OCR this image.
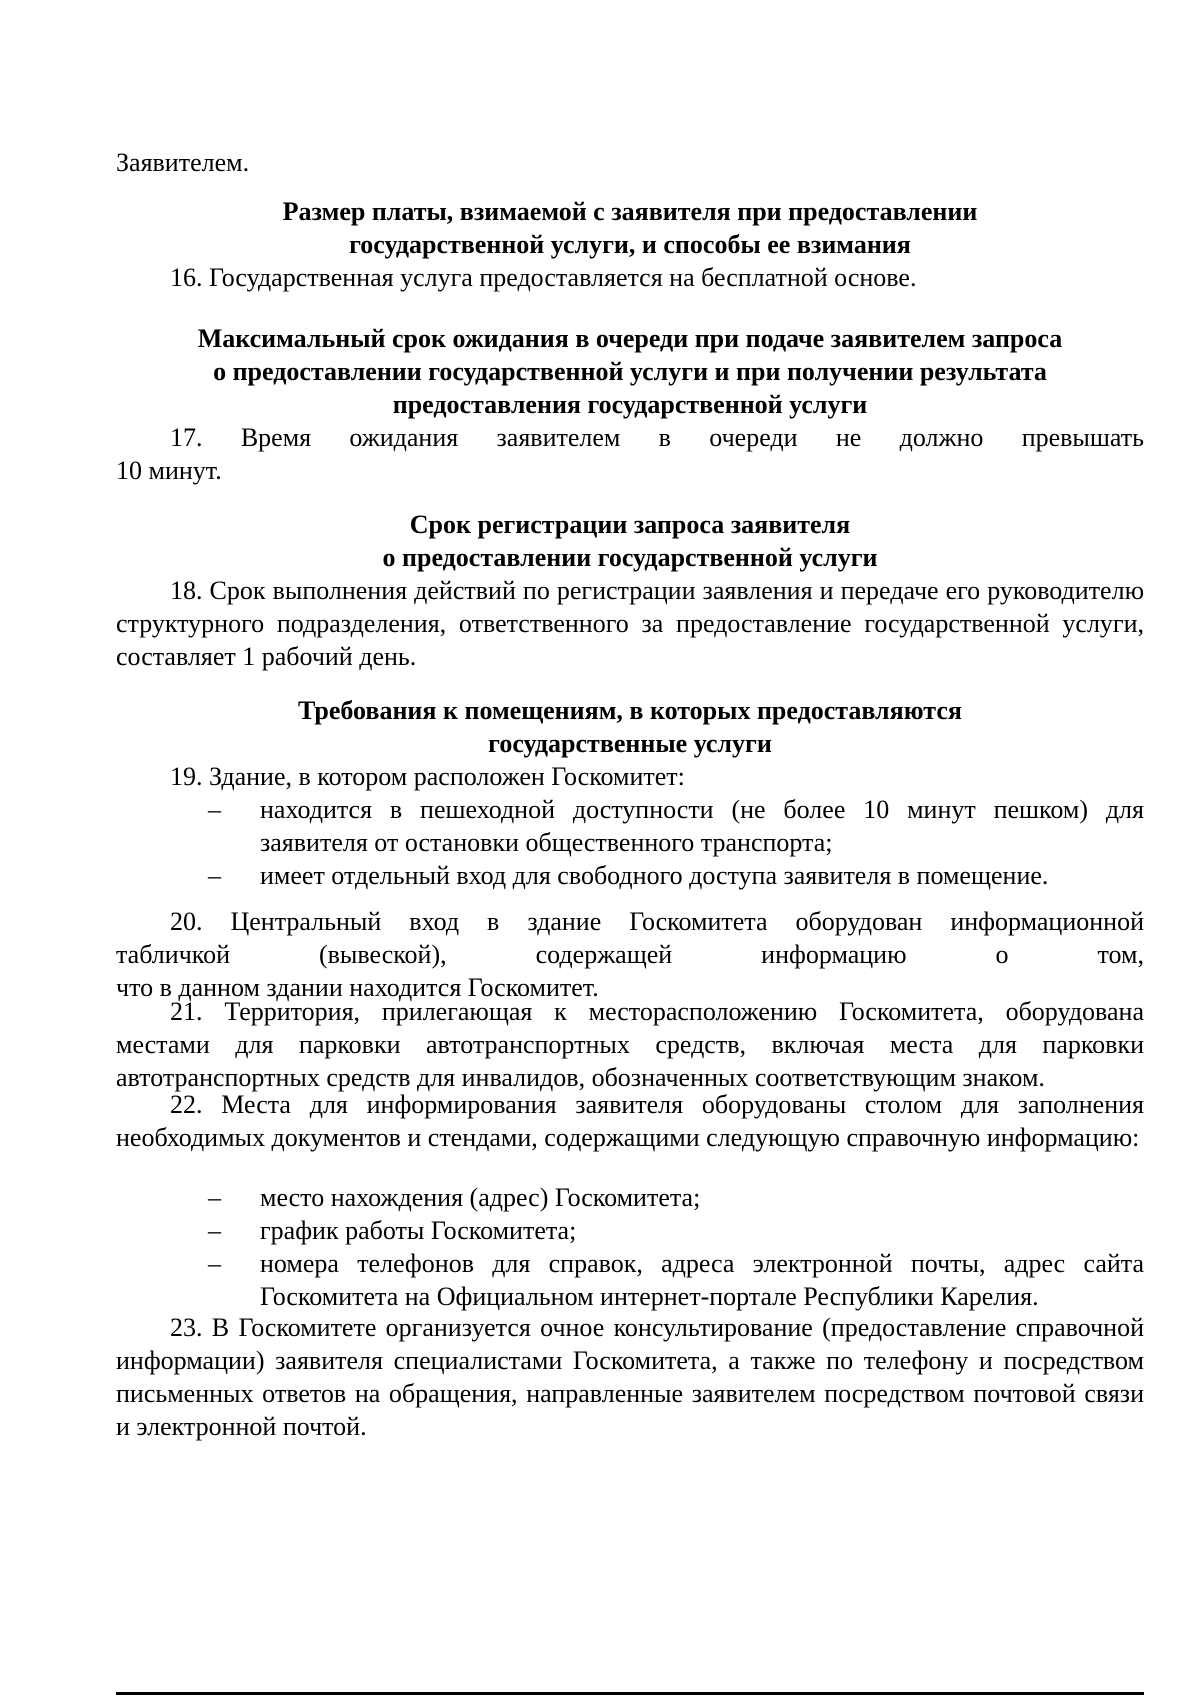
Заявителем.
Размер платы, взимаемой с заявителя при предоставлении
государственной услуги, и способы ее взимания
16. Государственная услуга предоставляется на бесплатной основе.
Максимальный срок ожидания в очереди при подаче заявителем запроса
о предоставлении государственной услуги и при получении результата
предоставления государственной услуги
17. Время ожидания заявителем в очереди не должно превышать
10 минут.
Срок регистрации запроса заявителя
о предоставлении государственной услуги
18. Срок выполнения действий по регистрации заявления и передаче его руководителю структурного подразделения, ответственного за предоставление государственной услуги, составляет 1 рабочий день.
Требования к помещениям, в которых предоставляются
государственные услуги
19. Здание, в котором расположен Госкомитет:
– находится в пешеходной доступности (не более 10 минут пешком) для заявителя от остановки общественного транспорта;
– имеет отдельный вход для свободного доступа заявителя в помещение.
20. Центральный вход в здание Госкомитета оборудован информационной
табличкой (вывеской), содержащей информацию о том,
что в данном здании находится Госкомитет.
21. Территория, прилегающая к месторасположению Госкомитета, оборудована местами для парковки автотранспортных средств, включая места для парковки автотранспортных средств для инвалидов, обозначенных соответствующим знаком.
22. Места для информирования заявителя оборудованы столом для заполнения необходимых документов и стендами, содержащими следующую справочную информацию:
– место нахождения (адрес) Госкомитета;
– график работы Госкомитета;
– номера телефонов для справок, адреса электронной почты, адрес сайта Госкомитета на Официальном интернет-портале Республики Карелия.
23. В Госкомитете организуется очное консультирование (предоставление справочной информации) заявителя специалистами Госкомитета, а также по телефону и посредством письменных ответов на обращения, направленные заявителем посредством почтовой связи и электронной почтой.
